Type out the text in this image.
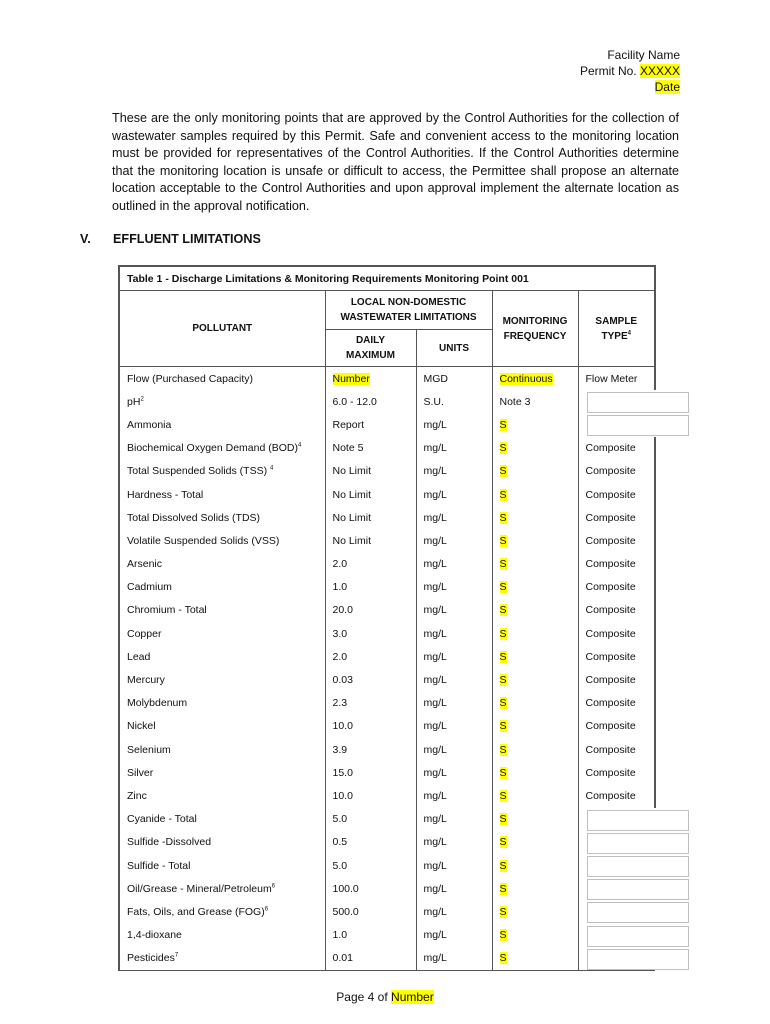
Facility Name
Permit No. XXXXX
Date
These are the only monitoring points that are approved by the Control Authorities for the collection of wastewater samples required by this Permit. Safe and convenient access to the monitoring location must be provided for representatives of the Control Authorities. If the Control Authorities determine that the monitoring location is unsafe or difficult to access, the Permittee shall propose an alternate location acceptable to the Control Authorities and upon approval implement the alternate location as outlined in the approval notification.
V. EFFLUENT LIMITATIONS
Table 1 - Discharge Limitations & Monitoring Requirements Monitoring Point 001				
POLLUTANT	LOCAL NON-DOMESTIC WASTEWATER LIMITATIONS		MONITORING FREQUENCY	SAMPLE TYPE$^4$
	DAILY MAXIMUM	UNITS		
Flow (Purchased Capacity)	Number	MGD	Continuous	Flow Meter
$pH^2$	6.0 - 12.0	S.U.	Note 3	
Ammonia	Report	mg/L	S	
Biochemical Oxygen Demand (BOD)$^4$	Note 5	mg/L	S	Composite
Total Suspended Solids (TSS) $^4$	No Limit	mg/L	S	Composite
Hardness - Total	No Limit	mg/L	S	Composite
Total Dissolved Solids (TDS)	No Limit	mg/L	S	Composite
Volatile Suspended Solids (VSS)	No Limit	mg/L	S	Composite
Arsenic	2.0	mg/L	S	Composite
Cadmium	1.0	mg/L	S	Composite
Chromium - Total	20.0	mg/L	S	Composite
Copper	3.0	mg/L	S	Composite
Lead	2.0	mg/L	S	Composite
Mercury	0.03	mg/L	S	Composite
Molybdenum	2.3	mg/L	S	Composite
Nickel	10.0	mg/L	S	Composite
Selenium	3.9	mg/L	S	Composite
Silver	15.0	mg/L	S	Composite
Zinc	10.0	mg/L	S	Composite
Cyanide - Total	5.0	mg/L	S	
Sulfide -Dissolved	0.5	mg/L	S	
Sulfide - Total	5.0	mg/L	S	
Oil/Grease - Mineral/Petroleum$^6$	100.0	mg/L	S	
Fats, Oils, and Grease (FOG)$^6$	500.0	mg/L	S	
1,4-dioxane	1.0	mg/L	S	
Pesticides$^7$	0.01	mg/L	S	
Page 4 of Number
